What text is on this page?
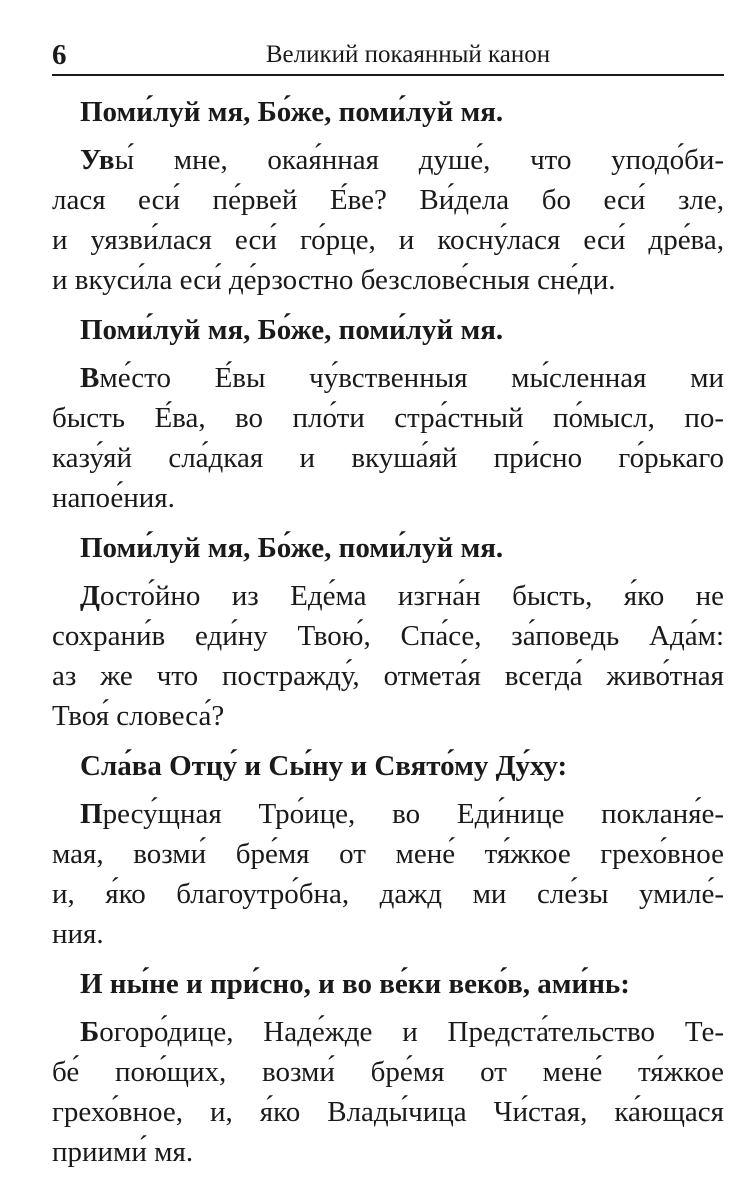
6	Великий покаянный канон
Поми́луй мя, Бо́же, поми́луй мя.
Увы́ мне, окая́нная душе́, что уподо́би-
лася еси́ пе́рвей Е́ве? Ви́дела бо еси́ зле,
и уязви́лася еси́ го́рце, и косну́лася еси́ дре́ва,
и вкуси́ла еси́ де́рзостно безслове́сныя сне́ди.
Поми́луй мя, Бо́же, поми́луй мя.
Вме́сто Е́вы чу́вственныя мы́сленная ми
бысть Е́ва, во пло́ти стра́стный по́мысл, по-
казу́яй сла́дкая и вкуша́яй при́сно го́рькаго
напое́ния.
Поми́луй мя, Бо́же, поми́луй мя.
Досто́йно из Еде́ма изгна́н бысть, я́ко не
сохрани́в еди́ну Твою́, Спа́се, за́поведь Ада́м:
аз же что постражду́, отмета́я всегда́ живо́тная
Твоя́ словеса́?
Сла́ва Отцу́ и Сы́ну и Свято́му Ду́ху:
Пресу́щная Тро́ице, во Еди́нице покланя́е-
мая, возми́ бре́мя от мене́ тя́жкое грехо́вное
и, я́ко благоутро́бна, дажд ми сле́зы умиле́-
ния.
И ны́не и при́сно, и во ве́ки веко́в, ами́нь:
Богоро́дице, Наде́жде и Предста́тельство Те-
бе́ пою́щих, возми́ бре́мя от мене́ тя́жкое
грехо́вное, и, я́ко Влады́чица Чи́стая, ка́ющася
приими́ мя.
